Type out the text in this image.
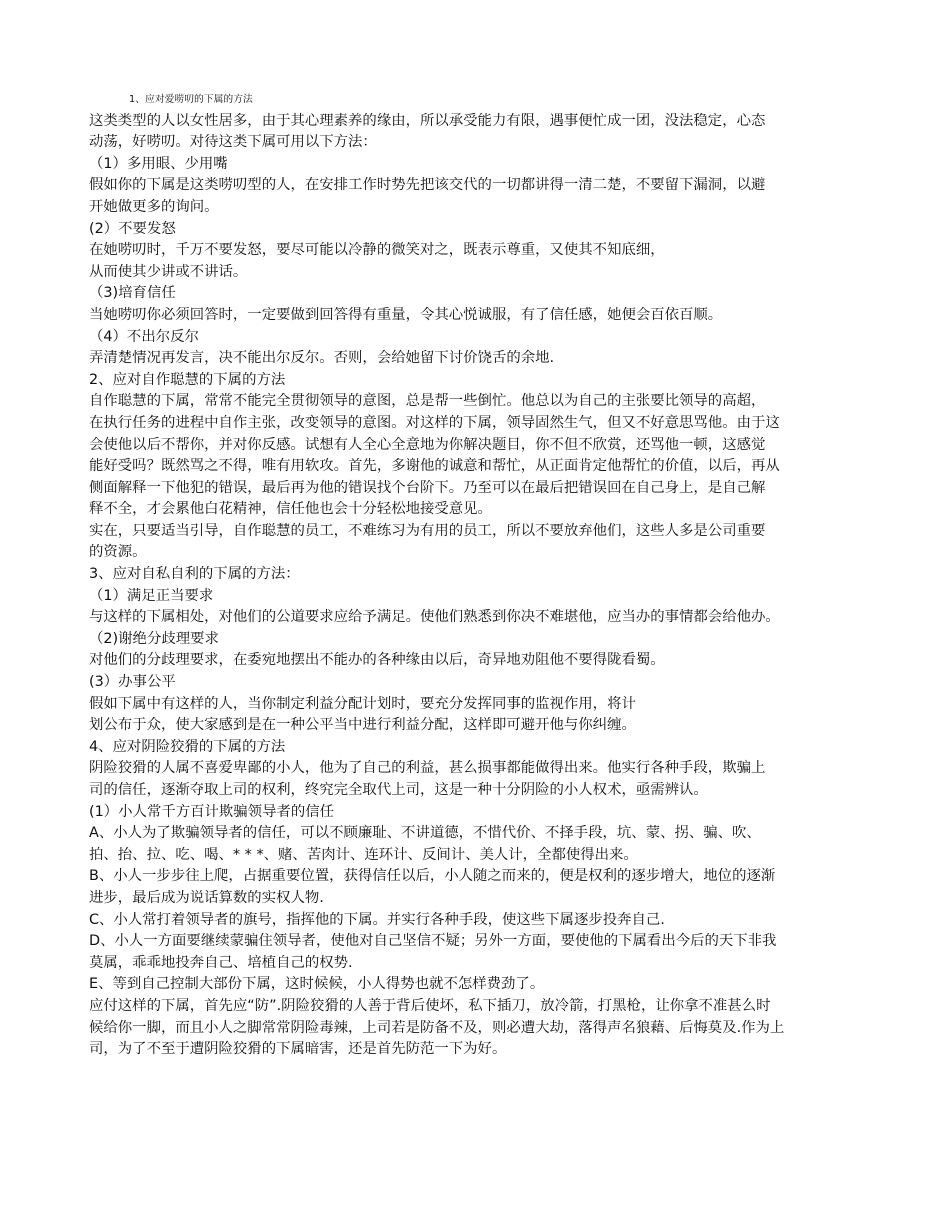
1、应对爱唠叨的下属的方法
这类类型的人以女性居多，由于其心理素养的缘由，所以承受能力有限，遇事便忙成一团，没法稳定，心态
动荡，好唠叨。对待这类下属可用以下方法：
（1）多用眼、少用嘴
假如你的下属是这类唠叨型的人，在安排工作时势先把该交代的一切都讲得一清二楚，不要留下漏洞，以避
开她做更多的询问。
(2）不要发怒
在她唠叨时，千万不要发怒，要尽可能以冷静的微笑对之，既表示尊重，又使其不知底细，
从而使其少讲或不讲话。
（3)培育信任
当她唠叨你必须回答时，一定要做到回答得有重量，令其心悦诚服，有了信任感，她便会百依百顺。
（4）不出尔反尔
弄清楚情况再发言，决不能出尔反尔。否则，会给她留下讨价饶舌的余地.
2、应对自作聪慧的下属的方法
自作聪慧的下属，常常不能完全贯彻领导的意图，总是帮一些倒忙。他总以为自己的主张要比领导的高超，
在执行任务的进程中自作主张，改变领导的意图。对这样的下属，领导固然生气，但又不好意思骂他。由于这
会使他以后不帮你，并对你反感。试想有人全心全意地为你解决题目，你不但不欣赏，还骂他一顿，这感觉
能好受吗？既然骂之不得，唯有用软攻。首先，多谢他的诚意和帮忙，从正面肯定他帮忙的价值，以后，再从
侧面解释一下他犯的错误，最后再为他的错误找个台阶下。乃至可以在最后把错误回在自己身上，是自己解
释不全，才会累他白花精神，信任他也会十分轻松地接受意见。
实在，只要适当引导，自作聪慧的员工，不难练习为有用的员工，所以不要放弃他们，这些人多是公司重要
的资源。
3、应对自私自利的下属的方法：
（1）满足正当要求
与这样的下属相处，对他们的公道要求应给予满足。使他们熟悉到你决不难堪他，应当办的事情都会给他办。
（2)谢绝分歧理要求
对他们的分歧理要求，在委宛地摆出不能办的各种缘由以后，奇异地劝阻他不要得陇看蜀。
(3）办事公平
假如下属中有这样的人，当你制定利益分配计划时，要充分发挥同事的监视作用，将计
划公布于众，使大家感到是在一种公平当中进行利益分配，这样即可避开他与你纠缠。
4、应对阴险狡猾的下属的方法
阴险狡猾的人属不喜爱卑鄙的小人，他为了自己的利益，甚么损事都能做得出来。他实行各种手段，欺骗上
司的信任，逐渐夺取上司的权利，终究完全取代上司，这是一种十分阴险的小人权术，亟需辨认。
(1）小人常千方百计欺骗领导者的信任
A、小人为了欺骗领导者的信任，可以不顾廉耻、不讲道德，不惜代价、不择手段，坑、蒙、拐、骗、吹、
拍、抬、拉、吃、喝、* * *、赌、苦肉计、连环计、反间计、美人计，全都使得出来。
B、小人一步步往上爬，占据重要位置，获得信任以后，小人随之而来的，便是权利的逐步增大，地位的逐渐
进步，最后成为说话算数的实权人物.
C、小人常打着领导者的旗号，指挥他的下属。并实行各种手段，使这些下属逐步投奔自己.
D、小人一方面要继续蒙骗住领导者，使他对自己坚信不疑；另外一方面，要使他的下属看出今后的天下非我
莫属，乖乖地投奔自己、培植自己的权势.
E、等到自己控制大部份下属，这时候候，小人得势也就不怎样费劲了。
应付这样的下属，首先应“防”.阴险狡猾的人善于背后使坏，私下插刀，放冷箭，打黑枪，让你拿不准甚么时
候给你一脚，而且小人之脚常常阴险毒辣，上司若是防备不及，则必遭大劫，落得声名狼藉、后悔莫及.作为上
司，为了不至于遭阴险狡猾的下属暗害，还是首先防范一下为好。
